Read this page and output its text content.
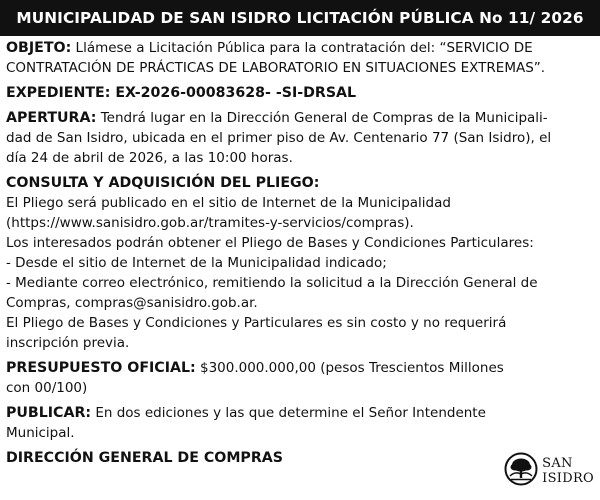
MUNICIPALIDAD DE SAN ISIDRO LICITACIÓN PÚBLICA No 11/ 2026

OBJETO: Llámese a Licitación Pública para la contratación del: “SERVICIO DE CONTRATACIÓN DE PRÁCTICAS DE LABORATORIO EN SITUACIONES EXTREMAS”.

EXPEDIENTE: EX-2026-00083628- -SI-DRSAL

APERTURA: Tendrá lugar en la Dirección General de Compras de la Municipali-
dad de San Isidro, ubicada en el primer piso de Av. Centenario 77 (San Isidro), el
día 24 de abril de 2026, a las 10:00 horas.

CONSULTA Y ADQUISICIÓN DEL PLIEGO:

El Pliego será publicado en el sitio de Internet de la Municipalidad
(https://www.sanisidro.gob.ar/tramites-y-servicios/compras).
Los interesados podrán obtener el Pliego de Bases y Condiciones Particulares:
- Desde el sitio de Internet de la Municipalidad indicado;
- Mediante correo electrónico, remitiendo la solicitud a la Dirección General de
Compras, compras@sanisidro.gob.ar.
El Pliego de Bases y Condiciones y Particulares es sin costo y no requerirá
inscripción previa.

PRESUPUESTO OFICIAL: $300.000.000,00 (pesos Trescientos Millones
con 00/100)

PUBLICAR: En dos ediciones y las que determine el Señor Intendente
Municipal.

DIRECCIÓN GENERAL DE COMPRAS	SAN
ISIDRO
